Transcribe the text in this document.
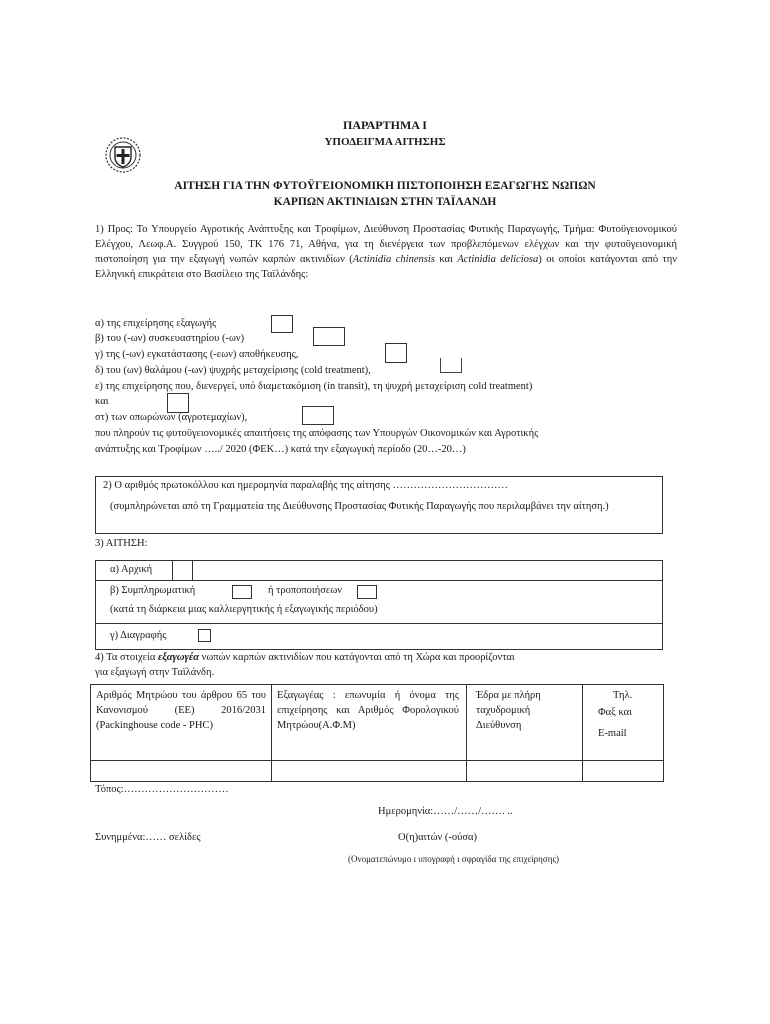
ΠΑΡΑΡΤΗΜΑ Ι
ΥΠΟΔΕΙΓΜΑ ΑΙΤΗΣΗΣ
ΑΙΤΗΣΗ ΓΙΑ ΤΗΝ ΦΥΤΟΫΓΕΙΟΝΟΜΙΚΗ ΠΙΣΤΟΠΟΙΗΣΗ ΕΞΑΓΩΓΗΣ ΝΩΠΩΝ
ΚΑΡΠΩΝ ΑΚΤΙΝΙΔΙΩΝ ΣΤΗΝ ΤΑΪΛΑΝΔΗ
1) Προς: Το Υπουργείο Αγροτικής Ανάπτυξης και Τροφίμων, Διεύθυνση Προστασίας Φυτικής Παραγωγής, Τμήμα: Φυτοϋγειονομικού Ελέγχου, Λεωφ.Α. Συγγρού 150, ΤΚ 176 71, Αθήνα, για τη διενέργεια των προβλεπόμενων ελέγχων και την φυτοϋγειονομική πιστοποίηση για την εξαγωγή νωπών καρπών ακτινιδίων (Actinidia chinensis και Actinidia deliciosa) οι οποίοι κατάγονται από την Ελληνική επικράτεια στο Βασίλειο της Ταϊλάνδης:
α) της επιχείρησης εξαγωγής
β) του (-ων) συσκευαστηρίου (-ων)
γ) της (-ων) εγκατάστασης (-εων) αποθήκευσης,
δ) του (ων) θαλάμου (-ων) ψυχρής μεταχείρισης (cold treatment),
ε) της επιχείρησης που, διενεργεί, υπό διαμετακόμιση (in transit), τη ψυχρή μεταχείριση cold treatment)
και
στ) των οπωρώνων (αγροτεμαχίων),
που πληρούν τις φυτοϋγειονομικές απαιτήσεις της απόφασης των Υπουργών Οικονομικών και Αγροτικής
ανάπτυξης και Τροφίμων …../ 2020 (ΦΕΚ…) κατά την εξαγωγική περίοδο (20…-20…)
2) Ο αριθμός πρωτοκόλλου και ημερομηνία παραλαβής της αίτησης ……………………………
(συμπληρώνεται από τη Γραμματεία της Διεύθυνσης Προστασίας Φυτικής Παραγωγής που περιλαμβάνει την αίτηση.)
3) ΑΙΤΗΣΗ:
α) Αρχική
β) Συμπληρωματική	ή τροποποιήσεων
(κατά τη διάρκεια μιας καλλιεργητικής ή εξαγωγικής περιόδου)
γ) Διαγραφής
4) Τα στοιχεία εξαγωγέα νωπών καρπών ακτινιδίων που κατάγονται από τη Χώρα και προορίζονται
για εξαγωγή στην Ταϊλάνδη.
Αριθμός Μητρώου του άρθρου 65 του Κανονισμού (ΕΕ) 2016/2031 (Packinghouse code - PHC)
Εξαγωγέας : επωνυμία ή όνομα της επιχείρησης και Αριθμός Φορολογικού Μητρώου(Α.Φ.Μ)
Έδρα με πλήρη ταχυδρομική Διεύθυνση
Τηλ.
Φαξ και
E-mail
Τόπος:…………………………
Ημερομηνία:……/……/……. ..
Συνημμένα:…… σελίδες	Ο(η)αιτών (-ούσα)
(Ονοματεπώνυμο ι υπογραφή ι σφραγίδα της επιχείρησης)
